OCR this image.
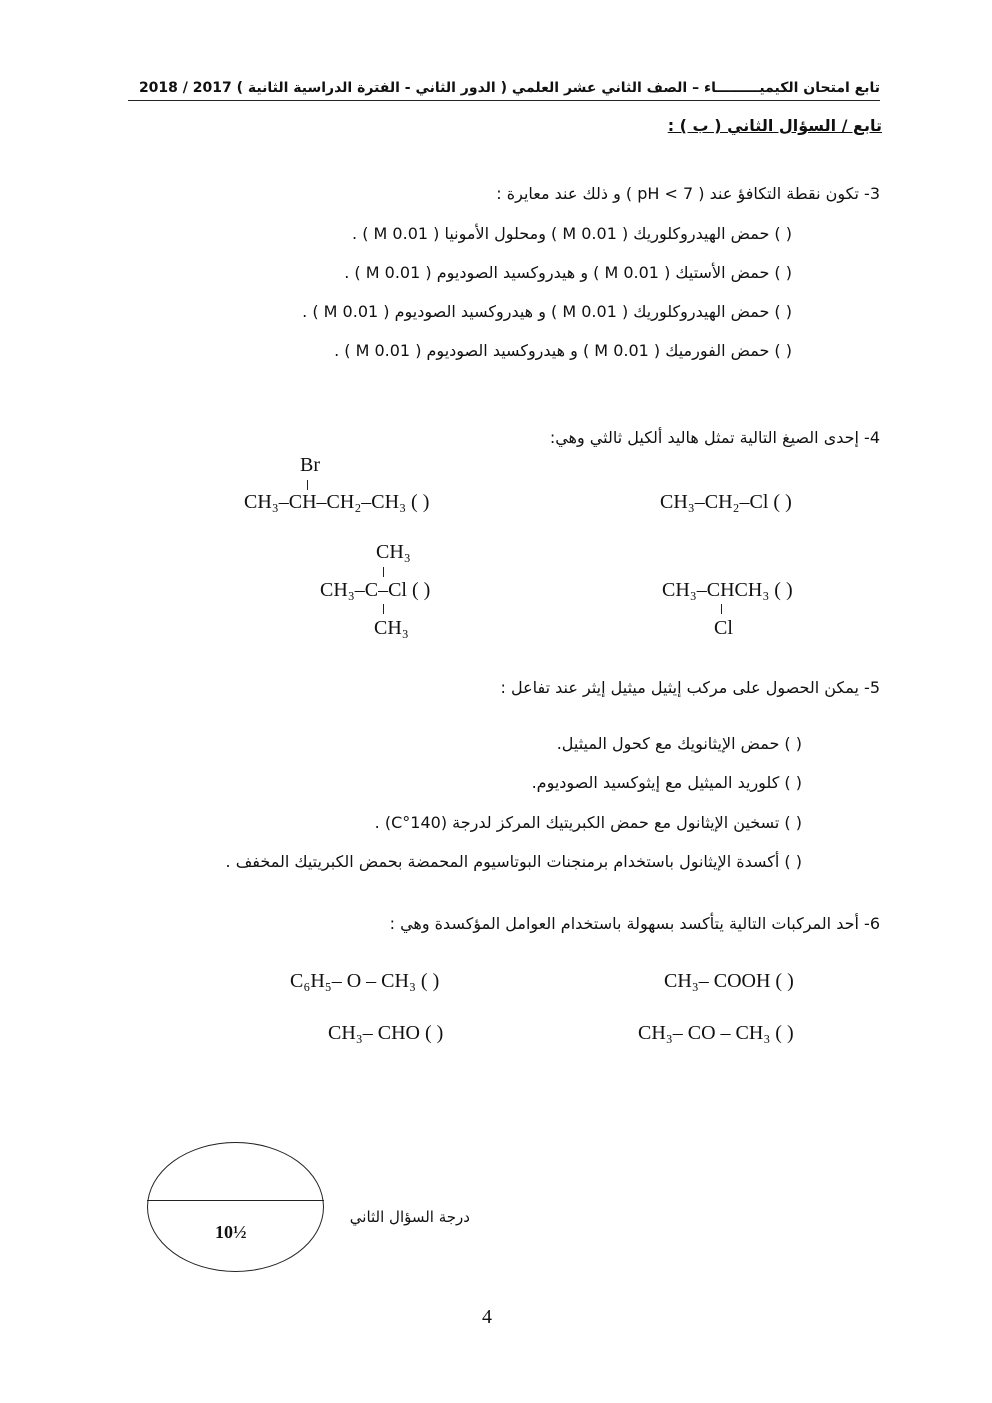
تابع امتحان الكيميـــــــــاء – الصف الثاني عشر العلمي ( الدور الثاني - الفترة الدراسية الثانية ) 2017 / 2018
تابع / السؤال الثاني ( ب ) :
3- تكون نقطة التكافؤ عند ( pH < 7 ) و ذلك عند معايرة :
( ) حمض الهيدروكلوريك ( 0.01 M ) ومحلول الأمونيا ( 0.01 M ) .
( ) حمض الأستيك ( 0.01 M ) و هيدروكسيد الصوديوم ( 0.01 M ) .
( ) حمض الهيدروكلوريك ( 0.01 M ) و هيدروكسيد الصوديوم ( 0.01 M ) .
( ) حمض الفورميك ( 0.01 M ) و هيدروكسيد الصوديوم ( 0.01 M ) .
4- إحدى الصيغ التالية تمثل هاليد ألكيل ثالثي وهي:
Br
CH₃–CH–CH₂–CH₃ ( )	CH₃–CH₂–Cl ( )
CH₃
CH₃–C–Cl ( )
CH₃
CH₃–CHCH₃ ( )
Cl
5- يمكن الحصول على مركب إيثيل ميثيل إيثر عند تفاعل :
( ) حمض الإيثانويك مع كحول الميثيل.
( ) كلوريد الميثيل مع إيثوكسيد الصوديوم.
( ) تسخين الإيثانول مع حمض الكبريتيك المركز لدرجة (140°C) .
( ) أكسدة الإيثانول باستخدام برمنجنات البوتاسيوم المحمضة بحمض الكبريتيك المخفف .
6- أحد المركبات التالية يتأكسد بسهولة باستخدام العوامل المؤكسدة وهي :
CH₃– COOH ( )
C₆H₅– O – CH₃ ( )
CH₃– CO – CH₃ ( )
CH₃– CHO ( )
10½
درجة السؤال الثاني
4
